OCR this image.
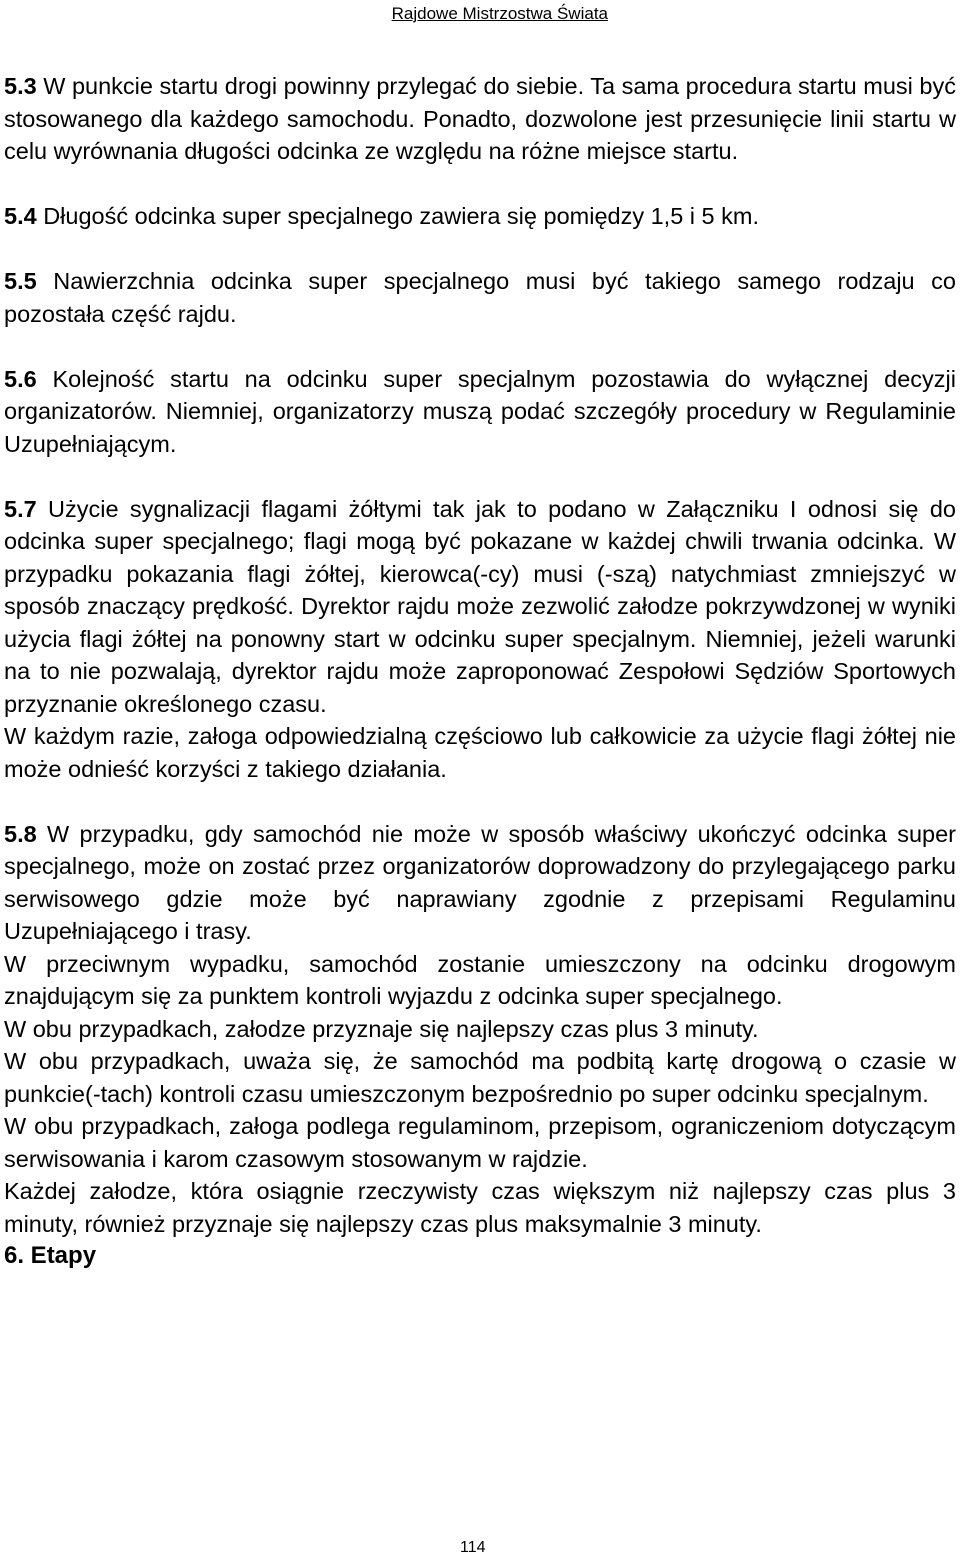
Rajdowe Mistrzostwa Świata

5.3 W punkcie startu drogi powinny przylegać do siebie. Ta sama procedura startu musi być stosowanego dla każdego samochodu. Ponadto, dozwolone jest przesunięcie linii startu w celu wyrównania długości odcinka ze względu na różne miejsce startu.

5.4 Długość odcinka super specjalnego zawiera się pomiędzy 1,5 i 5 km.

5.5 Nawierzchnia odcinka super specjalnego musi być takiego samego rodzaju co pozostała część rajdu.

5.6 Kolejność startu na odcinku super specjalnym pozostawia do wyłącznej decyzji organizatorów. Niemniej, organizatorzy muszą podać szczegóły procedury w Regulaminie Uzupełniającym.

5.7 Użycie sygnalizacji flagami żółtymi tak jak to podano w Załączniku I odnosi się do odcinka super specjalnego; flagi mogą być pokazane w każdej chwili trwania odcinka. W przypadku pokazania flagi żółtej, kierowca(-cy) musi (-szą) natychmiast zmniejszyć w sposób znaczący prędkość. Dyrektor rajdu może zezwolić załodze pokrzywdzonej w wyniki użycia flagi żółtej na ponowny start w odcinku super specjalnym. Niemniej, jeżeli warunki na to nie pozwalają, dyrektor rajdu może zaproponować Zespołowi Sędziów Sportowych przyznanie określonego czasu.

W każdym razie, załoga odpowiedzialną częściowo lub całkowicie za użycie flagi żółtej nie może odnieść korzyści z takiego działania.

5.8 W przypadku, gdy samochód nie może w sposób właściwy ukończyć odcinka super specjalnego, może on zostać przez organizatorów doprowadzony do przylegającego parku serwisowego gdzie może być naprawiany zgodnie z przepisami Regulaminu Uzupełniającego i trasy.

W przeciwnym wypadku, samochód zostanie umieszczony na odcinku drogowym znajdującym się za punktem kontroli wyjazdu z odcinka super specjalnego.

W obu przypadkach, załodze przyznaje się najlepszy czas plus 3 minuty.

W obu przypadkach, uważa się, że samochód ma podbitą kartę drogową o czasie w punkcie(-tach) kontroli czasu umieszczonym bezpośrednio po super odcinku specjalnym.

W obu przypadkach, załoga podlega regulaminom, przepisom, ograniczeniom dotyczącym serwisowania i karom czasowym stosowanym w rajdzie.

Każdej załodze, która osiągnie rzeczywisty czas większym niż najlepszy czas plus 3 minuty, również przyznaje się najlepszy czas plus maksymalnie 3 minuty.

6. Etapy

114
